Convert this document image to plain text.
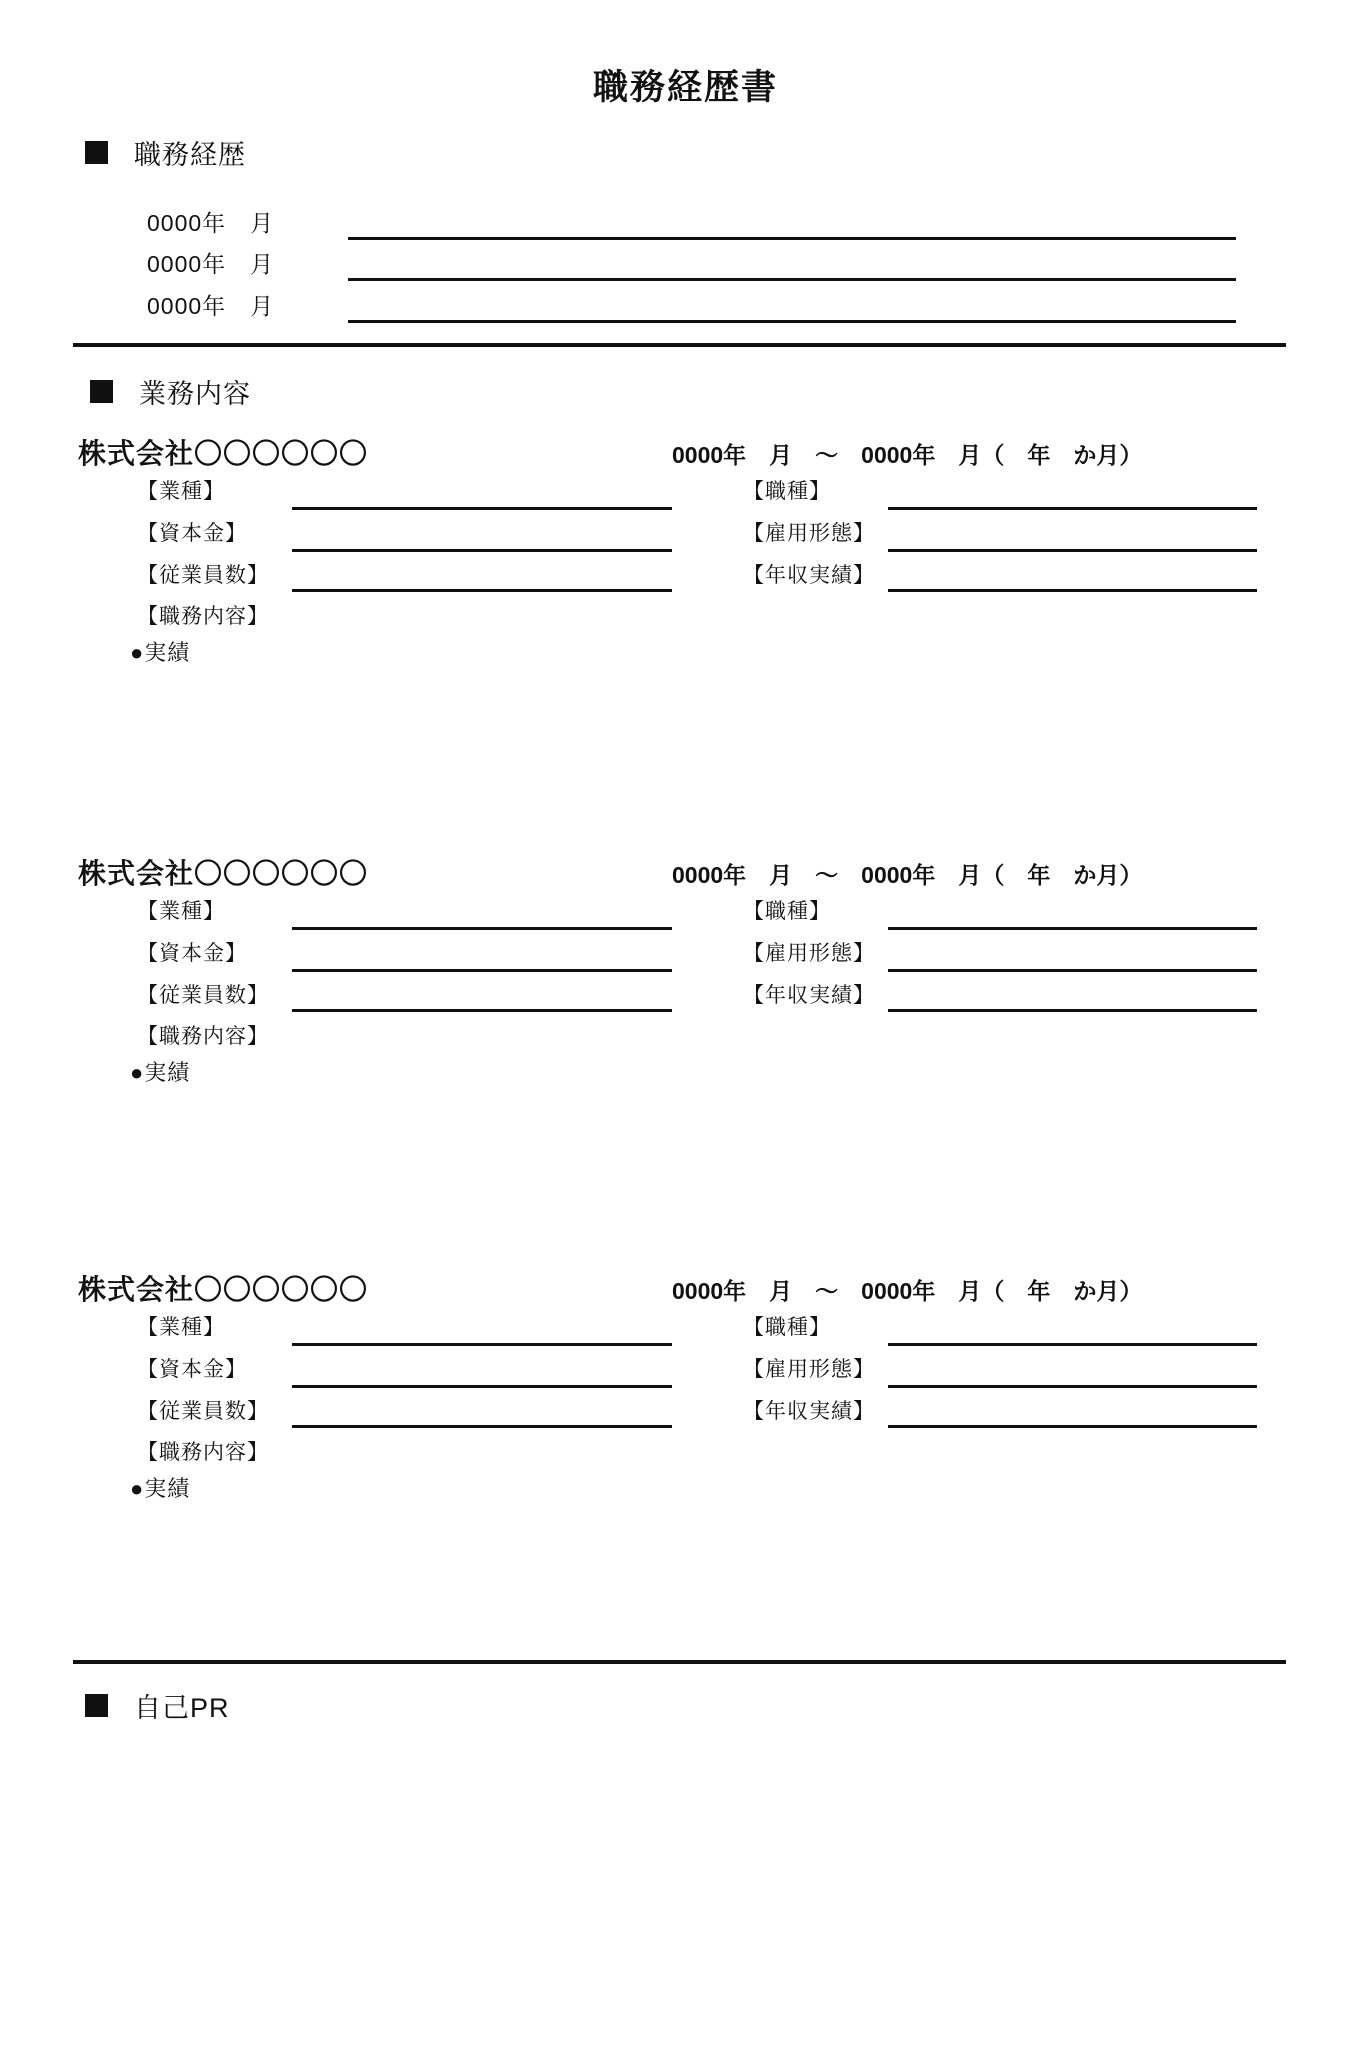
職務経歴書
職務経歴
0000年　月
0000年　月
0000年　月
業務内容
株式会社〇〇〇〇〇〇	0000年　月　～　0000年　月（　年　か月）
【業種】
【資本金】
【従業員数】
【職種】
【雇用形態】
【年収実績】
【職務内容】
●実績
株式会社〇〇〇〇〇〇	0000年　月　～　0000年　月（　年　か月）
【業種】
【資本金】
【従業員数】
【職種】
【雇用形態】
【年収実績】
【職務内容】
●実績
株式会社〇〇〇〇〇〇	0000年　月　～　0000年　月（　年　か月）
【業種】
【資本金】
【従業員数】
【職種】
【雇用形態】
【年収実績】
【職務内容】
●実績
自己PR
